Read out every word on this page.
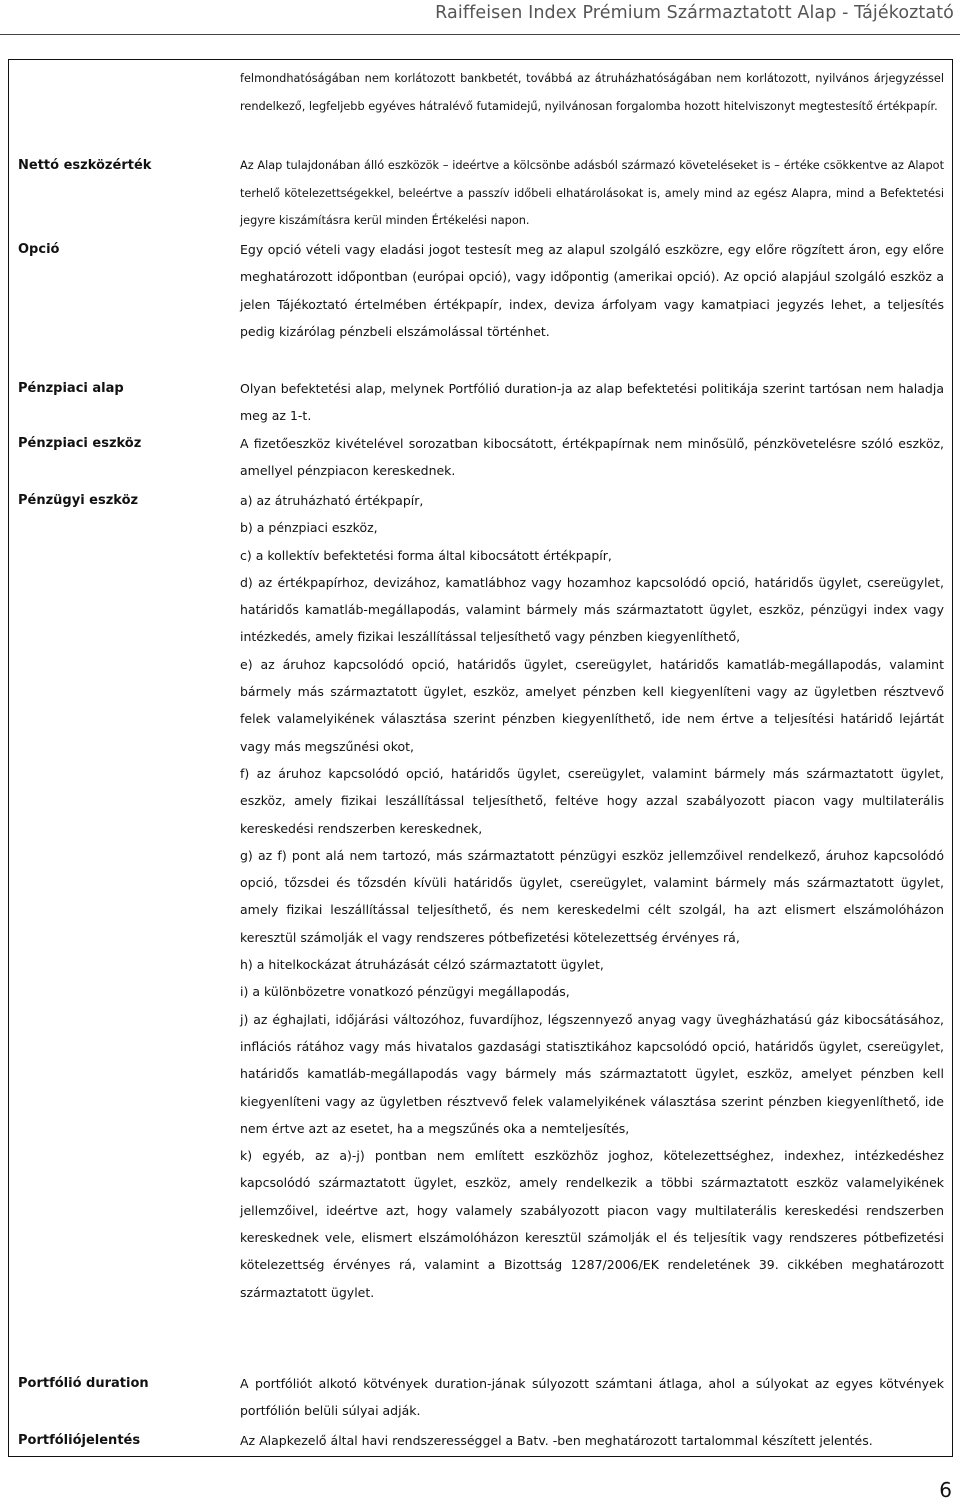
Raiffeisen Index Prémium Származtatott Alap - Tájékoztató
felmondhatóságában nem korlátozott bankbetét, továbbá az átruházhatóságában nem korlátozott, nyilvános árjegyzéssel rendelkező, legfeljebb egyéves hátralévő futamidejű, nyilvánosan forgalomba hozott hitelviszonyt megtestesítő értékpapír.
Nettó eszközérték	Az Alap tulajdonában álló eszközök – ideértve a kölcsönbe adásból származó követeléseket is – értéke csökkentve az Alapot terhelő kötelezettségekkel, beleértve a passzív időbeli elhatárolásokat is, amely mind az egész Alapra, mind a Befektetési jegyre kiszámításra kerül minden Értékelési napon.
Opció	Egy opció vételi vagy eladási jogot testesít meg az alapul szolgáló eszközre, egy előre rögzített áron, egy előre meghatározott időpontban (európai opció), vagy időpontig (amerikai opció). Az opció alapjául szolgáló eszköz a jelen Tájékoztató értelmében értékpapír, index, deviza árfolyam vagy kamatpiaci jegyzés lehet, a teljesítés pedig kizárólag pénzbeli elszámolással történhet.
Pénzpiaci alap	Olyan befektetési alap, melynek Portfólió duration-ja az alap befektetési politikája szerint tartósan nem haladja meg az 1-t.
Pénzpiaci eszköz	A fizetőeszköz kivételével sorozatban kibocsátott, értékpapírnak nem minősülő, pénzkövetelésre szóló eszköz, amellyel pénzpiacon kereskednek.
Pénzügyi eszköz	a) az átruházható értékpapír,

b) a pénzpiaci eszköz,

c) a kollektív befektetési forma által kibocsátott értékpapír,

d) az értékpapírhoz, devizához, kamatlábhoz vagy hozamhoz kapcsolódó opció, határidős ügylet, csereügylet, határidős kamatláb-megállapodás, valamint bármely más származtatott ügylet, eszköz, pénzügyi index vagy intézkedés, amely fizikai leszállítással teljesíthető vagy pénzben kiegyenlíthető,

e) az áruhoz kapcsolódó opció, határidős ügylet, csereügylet, határidős kamatláb-megállapodás, valamint bármely más származtatott ügylet, eszköz, amelyet pénzben kell kiegyenlíteni vagy az ügyletben résztvevő felek valamelyikének választása szerint pénzben kiegyenlíthető, ide nem értve a teljesítési határidő lejártát vagy más megszűnési okot,

f) az áruhoz kapcsolódó opció, határidős ügylet, csereügylet, valamint bármely más származtatott ügylet, eszköz, amely fizikai leszállítással teljesíthető, feltéve hogy azzal szabályozott piacon vagy multilaterális kereskedési rendszerben kereskednek,

g) az f) pont alá nem tartozó, más származtatott pénzügyi eszköz jellemzőivel rendelkező, áruhoz kapcsolódó opció, tőzsdei és tőzsdén kívüli határidős ügylet, csereügylet, valamint bármely más származtatott ügylet, amely fizikai leszállítással teljesíthető, és nem kereskedelmi célt szolgál, ha azt elismert elszámolóházon keresztül számolják el vagy rendszeres pótbefizetési kötelezettség érvényes rá,

h) a hitelkockázat átruházását célzó származtatott ügylet,

i) a különbözetre vonatkozó pénzügyi megállapodás,

j) az éghajlati, időjárási változóhoz, fuvardíjhoz, légszennyező anyag vagy üvegházhatású gáz kibocsátásához, inflációs rátához vagy más hivatalos gazdasági statisztikához kapcsolódó opció, határidős ügylet, csereügylet, határidős kamatláb-megállapodás vagy bármely más származtatott ügylet, eszköz, amelyet pénzben kell kiegyenlíteni vagy az ügyletben résztvevő felek valamelyikének választása szerint pénzben kiegyenlíthető, ide nem értve azt az esetet, ha a megszűnés oka a nemteljesítés,

k) egyéb, az a)-j) pontban nem említett eszközhöz joghoz, kötelezettséghez, indexhez, intézkedéshez kapcsolódó származtatott ügylet, eszköz, amely rendelkezik a többi származtatott eszköz valamelyikének jellemzőivel, ideértve azt, hogy valamely szabályozott piacon vagy multilaterális kereskedési rendszerben kereskednek vele, elismert elszámolóházon keresztül számolják el és teljesítik vagy rendszeres pótbefizetési kötelezettség érvényes rá, valamint a Bizottság 1287/2006/EK rendeletének 39. cikkében meghatározott származtatott ügylet.

Portfólió duration	A portfóliót alkotó kötvények duration-jának súlyozott számtani átlaga, ahol a súlyokat az egyes kötvények portfólión belüli súlyai adják.
Portfóliójelentés	Az Alapkezelő által havi rendszerességgel a Batv. -ben meghatározott tartalommal készített jelentés.
6
